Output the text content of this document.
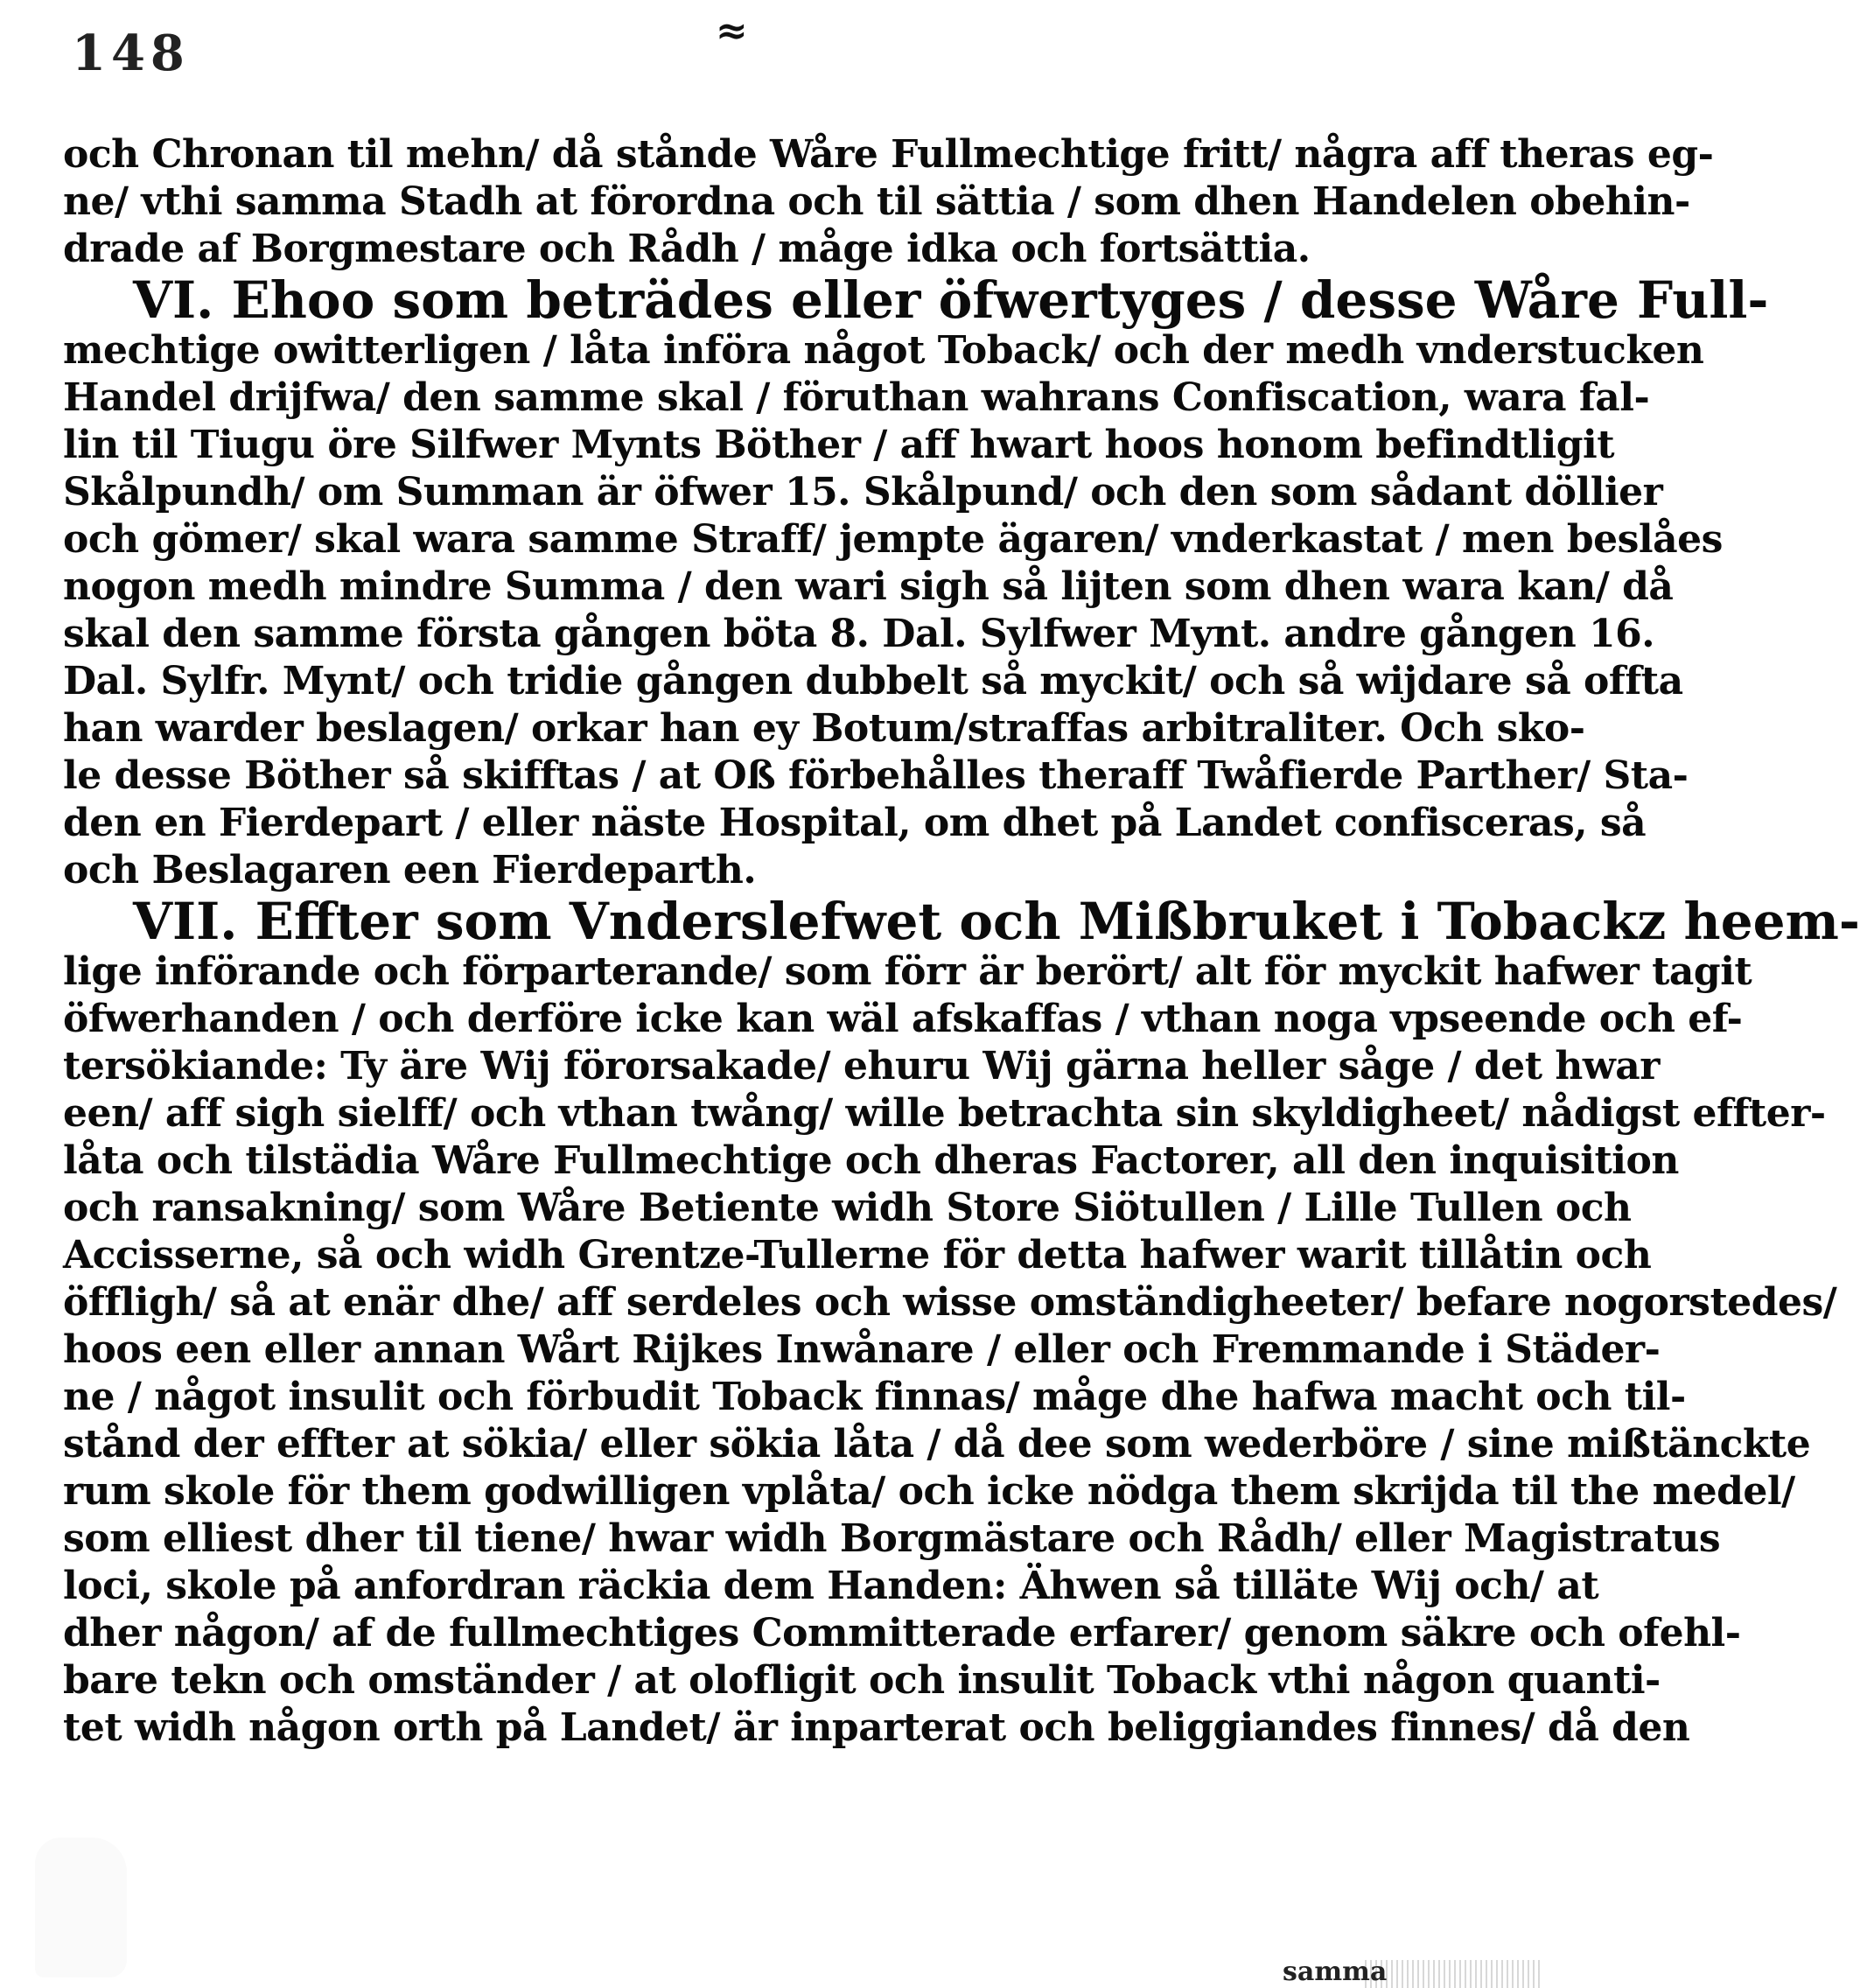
148	≈
och Chronan til mehn/ då stånde Wåre Fullmechtige fritt/ några aff theras eg-
ne/ vthi samma Stadh at förordna och til sättia / som dhen Handelen obehin-
drade af Borgmestare och Rådh / måge idka och fortsättia.
VI. Ehoo som beträdes eller öfwertyges / desse Wåre Full-
mechtige owitterligen / låta införa något Toback/ och der medh vnderstucken
Handel drijfwa/ den samme skal / föruthan wahrans Confiscation, wara fal-
lin til Tiugu öre Silfwer Mynts Böther / aff hwart hoos honom befindtligit
Skålpundh/ om Summan är öfwer 15. Skålpund/ och den som sådant döllier
och gömer/ skal wara samme Straff/ jempte ägaren/ vnderkastat / men beslåes
nogon medh mindre Summa / den wari sigh så lijten som dhen wara kan/ då
skal den samme första gången böta 8. Dal. Sylfwer Mynt. andre gången 16.
Dal. Sylfr. Mynt/ och tridie gången dubbelt så myckit/ och så wijdare så offta
han warder beslagen/ orkar han ey Botum/straffas arbitraliter. Och sko-
le desse Böther så skifftas / at Oß förbehålles theraff Twåfierde Parther/ Sta-
den en Fierdepart / eller näste Hospital, om dhet på Landet confisceras, så
och Beslagaren een Fierdeparth.
VII. Effter som Vnderslefwet och Mißbruket i Tobackz heem-
lige införande och förparterande/ som förr är berört/ alt för myckit hafwer tagit
öfwerhanden / och derföre icke kan wäl afskaffas / vthan noga vpseende och ef-
tersökiande: Ty äre Wij förorsakade/ ehuru Wij gärna heller såge / det hwar
een/ aff sigh sielff/ och vthan twång/ wille betrachta sin skyldigheet/ nådigst effter-
låta och tilstädia Wåre Fullmechtige och dheras Factorer, all den inquisition
och ransakning/ som Wåre Betiente widh Store Siötullen / Lille Tullen och
Accisserne, så och widh Grentze-Tullerne för detta hafwer warit tillåtin och
öffligh/ så at enär dhe/ aff serdeles och wisse omständigheeter/ befare nogorstedes/
hoos een eller annan Wårt Rijkes Inwånare / eller och Fremmande i Städer-
ne / något insulit och förbudit Toback finnas/ måge dhe hafwa macht och til-
stånd der effter at sökia/ eller sökia låta / då dee som wederböre / sine mißtänckte
rum skole för them godwilligen vplåta/ och icke nödga them skrijda til the medel/
som elliest dher til tiene/ hwar widh Borgmästare och Rådh/ eller Magistratus
loci, skole på anfordran räckia dem Handen: Ähwen så tilläte Wij och/ at
dher någon/ af de fullmechtiges Committerade erfarer/ genom säkre och ofehl-
bare tekn och omständer / at olofligit och insulit Toback vthi någon quanti-
tet widh någon orth på Landet/ är inparterat och beliggiandes finnes/ då den
samma
